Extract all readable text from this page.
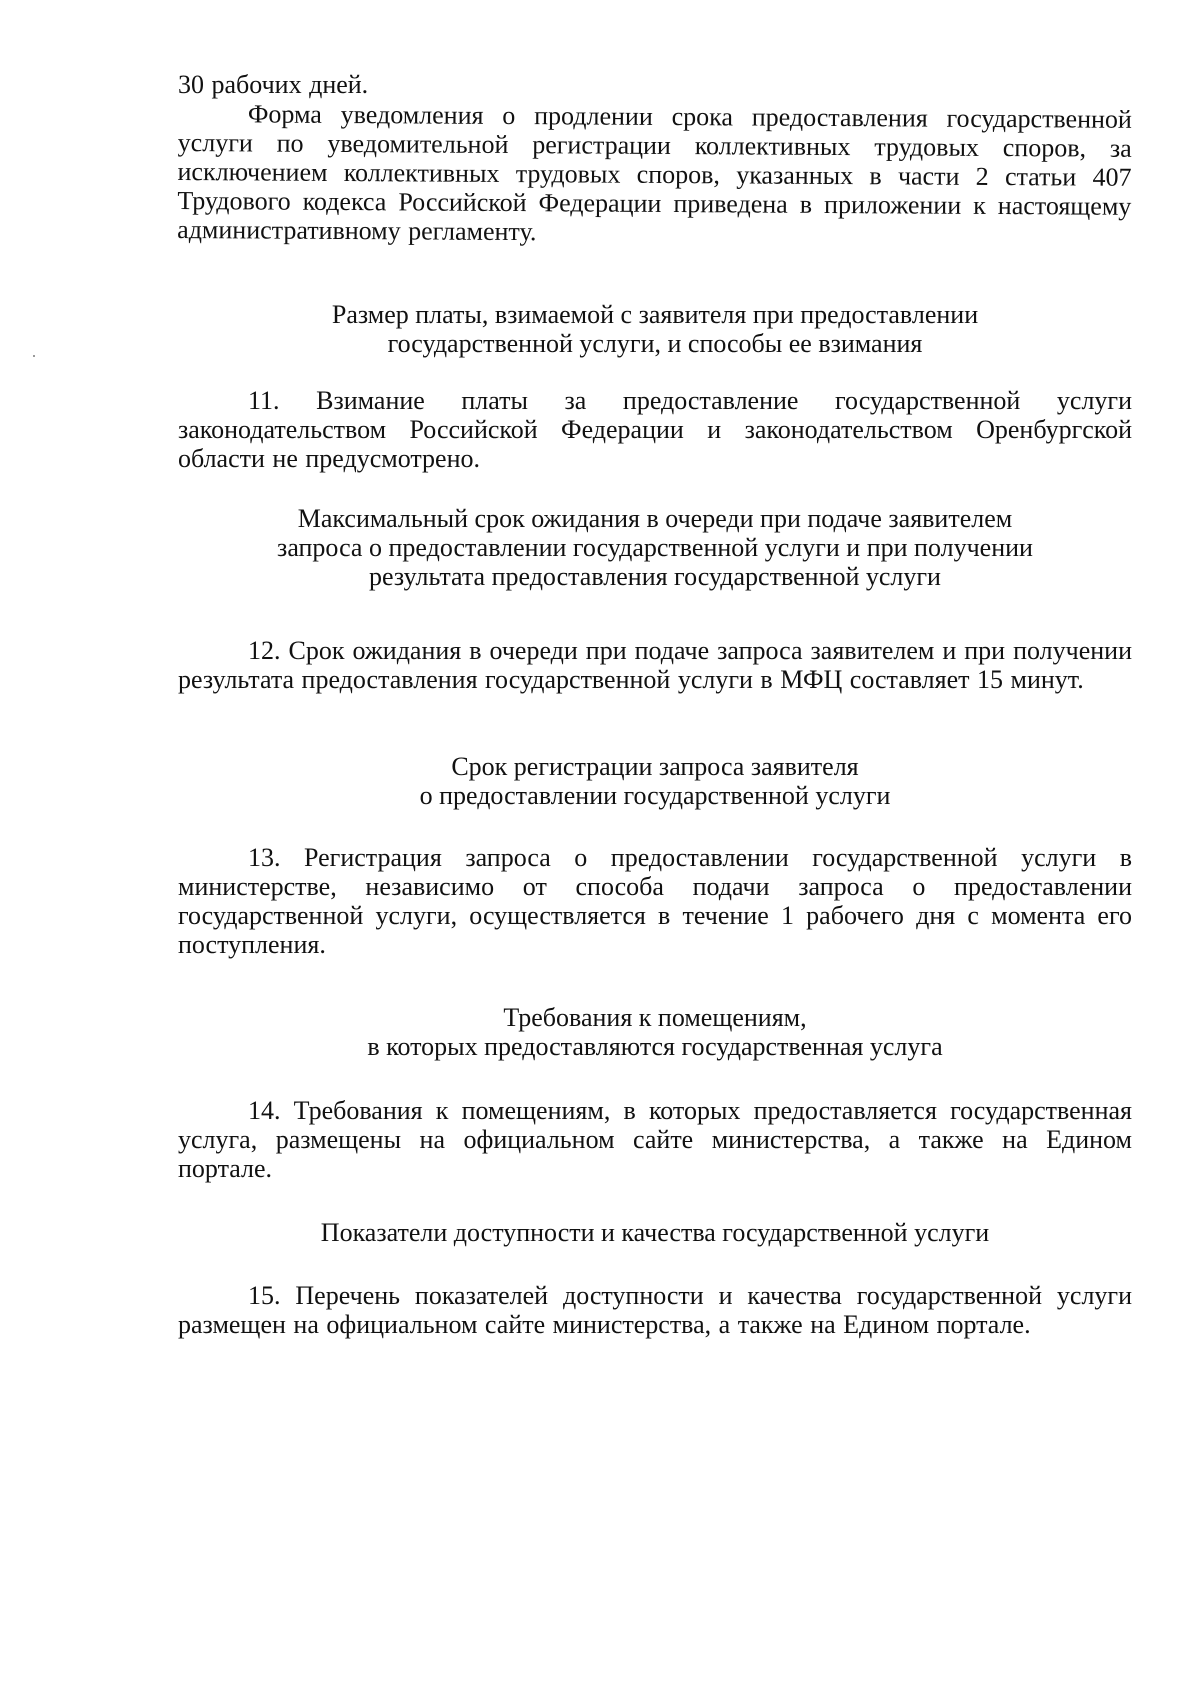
30 рабочих дней.

Форма уведомления о продлении срока предоставления государственной услуги по уведомительной регистрации коллективных трудовых споров, за исключением коллективных трудовых споров, указанных в части 2 статьи 407 Трудового кодекса Российской Федерации приведена в приложении к настоящему административному регламенту.

Размер платы, взимаемой с заявителя при предоставлении

государственной услуги, и способы ее взимания

11. Взимание платы за предоставление государственной услуги законодательством Российской Федерации и законодательством Оренбургской области не предусмотрено.

Максимальный срок ожидания в очереди при подаче заявителем

запроса о предоставлении государственной услуги и при получении

результата предоставления государственной услуги

12. Срок ожидания в очереди при подаче запроса заявителем и при получении результата предоставления государственной услуги в МФЦ составляет 15 минут.

Срок регистрации запроса заявителя

о предоставлении государственной услуги

13. Регистрация запроса о предоставлении государственной услуги в министерстве, независимо от способа подачи запроса о предоставлении государственной услуги, осуществляется в течение 1 рабочего дня с момента его поступления.

Требования к помещениям,

в которых предоставляются государственная услуга

14. Требования к помещениям, в которых предоставляется государственная услуга, размещены на официальном сайте министерства, а также на Едином портале.

Показатели доступности и качества государственной услуги

15. Перечень показателей доступности и качества государственной услуги размещен на официальном сайте министерства, а также на Едином портале.
